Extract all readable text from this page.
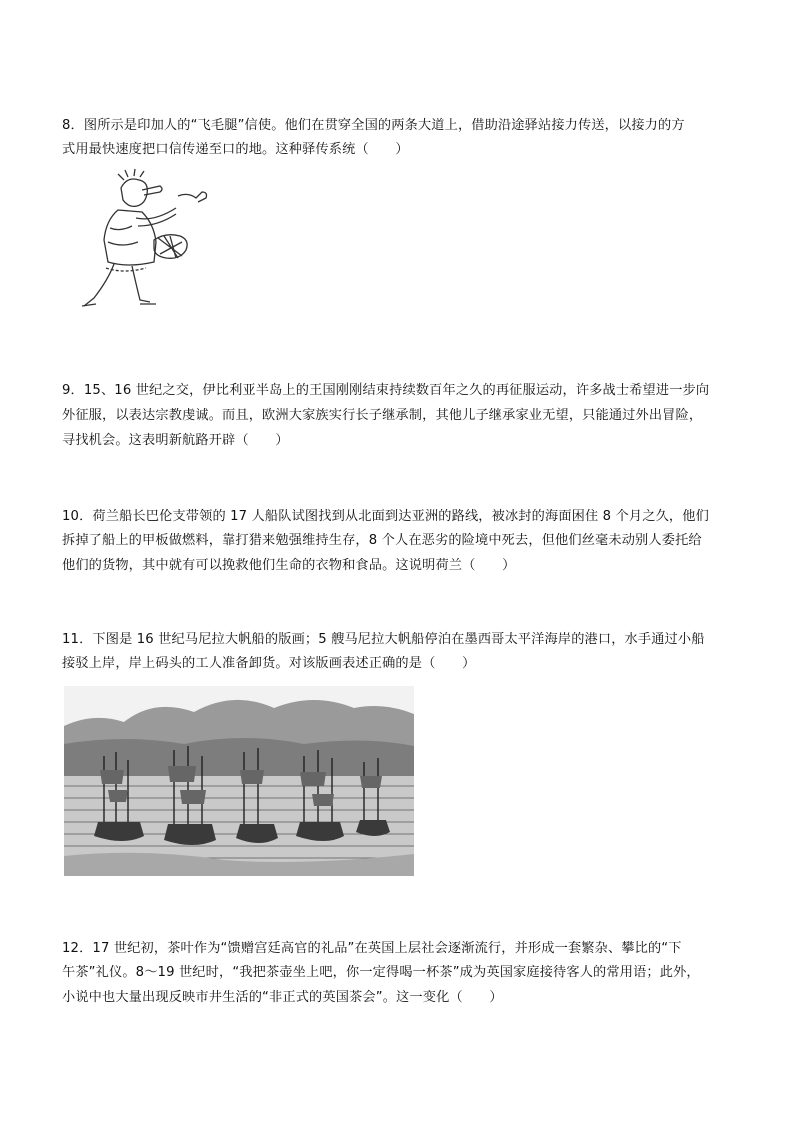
8．图所示是印加人的“飞毛腿”信使。他们在贯穿全国的两条大道上，借助沿途驿站接力传送，以接力的方
式用最快速度把口信传递至口的地。这种驿传系统（　　）
9．15、16 世纪之交，伊比利亚半岛上的王国刚刚结束持续数百年之久的再征服运动，许多战士希望进一步向
外征服，以表达宗教虔诚。而且，欧洲大家族实行长子继承制，其他儿子继承家业无望，只能通过外出冒险，
寻找机会。这表明新航路开辟（　　）
10．荷兰船长巴伦支带领的 17 人船队试图找到从北面到达亚洲的路线，被冰封的海面困住 8 个月之久，他们
拆掉了船上的甲板做燃料，靠打猎来勉强维持生存，8 个人在恶劣的险境中死去，但他们丝毫未动别人委托给
他们的货物，其中就有可以挽救他们生命的衣物和食品。这说明荷兰（　　）
11．下图是 16 世纪马尼拉大帆船的版画；5 艘马尼拉大帆船停泊在墨西哥太平洋海岸的港口，水手通过小船
接驳上岸，岸上码头的工人准备卸货。对该版画表述正确的是（　　）
12．17 世纪初，茶叶作为“馈赠宫廷高官的礼品”在英国上层社会逐渐流行，并形成一套繁杂、攀比的“下
午茶”礼仪。8～19 世纪时，“我把茶壶坐上吧，你一定得喝一杯茶”成为英国家庭接待客人的常用语；此外，
小说中也大量出现反映市井生活的“非正式的英国茶会”。这一变化（　　）
